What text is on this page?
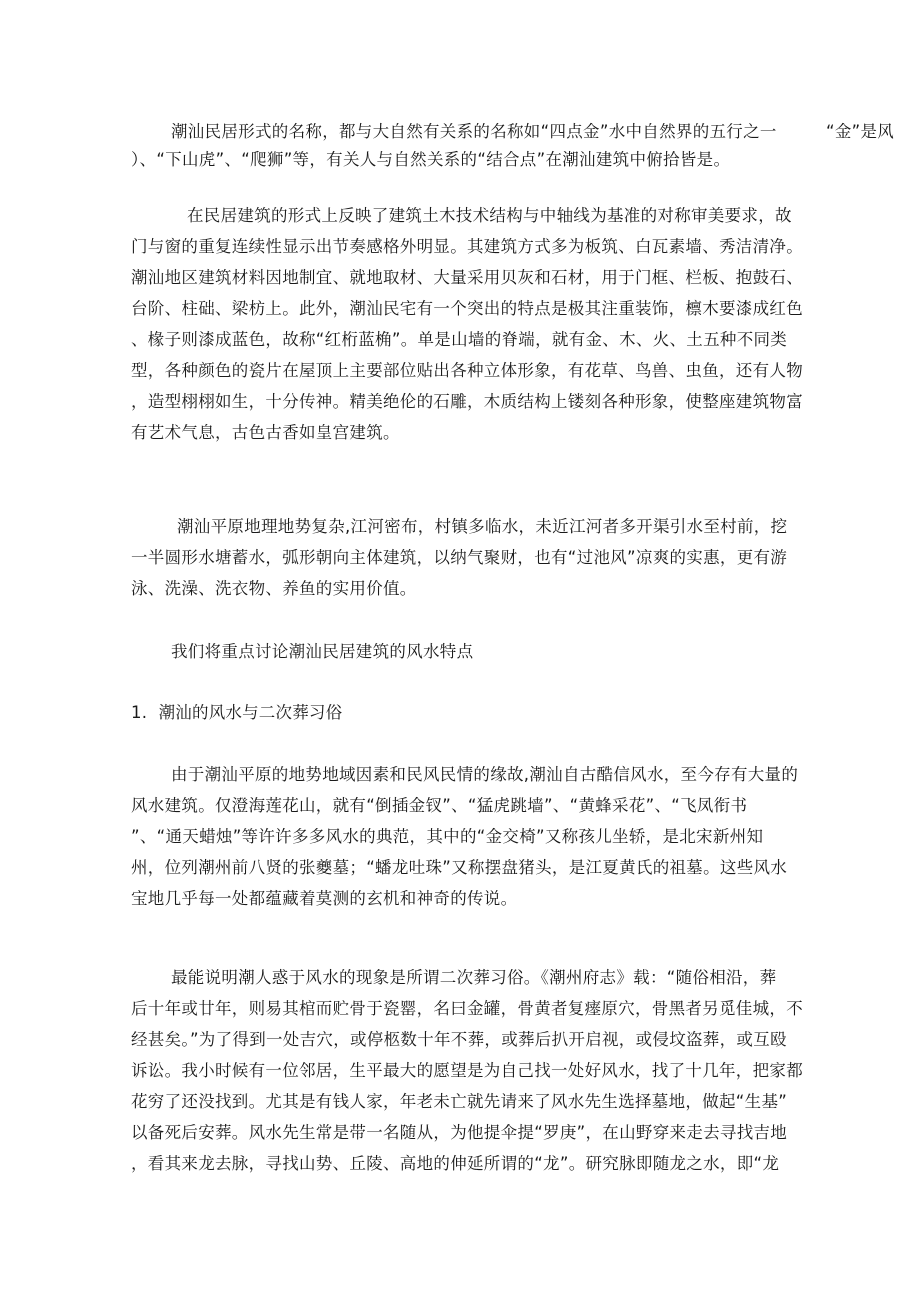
潮汕民居形式的名称，都与大自然有关系的名称如“四点金”水中自然界的五行之一	“金”是风
）、“下山虎”、“爬狮”等，有关人与自然关系的“结合点”在潮汕建筑中俯拾皆是。
在民居建筑的形式上反映了建筑土木技术结构与中轴线为基准的对称审美要求，故
门与窗的重复连续性显示出节奏感格外明显。其建筑方式多为板筑、白瓦素墙、秀洁清净。
潮汕地区建筑材料因地制宜、就地取材、大量采用贝灰和石材，用于门框、栏板、抱鼓石、
台阶、柱础、梁枋上。此外，潮汕民宅有一个突出的特点是极其注重装饰，檩木要漆成红色
、椽子则漆成蓝色，故称“红桁蓝桷”。单是山墙的脊端，就有金、木、火、土五种不同类
型，各种颜色的瓷片在屋顶上主要部位贴出各种立体形象，有花草、鸟兽、虫鱼，还有人物
，造型栩栩如生，十分传神。精美绝伦的石雕，木质结构上镂刻各种形象，使整座建筑物富
有艺术气息，古色古香如皇宫建筑。
潮汕平原地理地势复杂,江河密布，村镇多临水，未近江河者多开渠引水至村前，挖
一半圆形水塘蓄水，弧形朝向主体建筑，以纳气聚财，也有“过池风”凉爽的实惠，更有游
泳、洗澡、洗衣物、养鱼的实用价值。
我们将重点讨论潮汕民居建筑的风水特点
1. 潮汕的风水与二次葬习俗
由于潮汕平原的地势地域因素和民风民情的缘故,潮汕自古酷信风水，至今存有大量的
风水建筑。仅澄海莲花山，就有“倒插金钗”、“猛虎跳墙”、“黄蜂采花”、“飞凤衔书
”、“通天蜡烛”等许许多多风水的典范，其中的“金交椅”又称孩儿坐轿，是北宋新州知
州，位列潮州前八贤的张夔墓；“蟠龙吐珠”又称摆盘猪头，是江夏黄氏的祖墓。这些风水
宝地几乎每一处都蕴藏着莫测的玄机和神奇的传说。
最能说明潮人惑于风水的现象是所谓二次葬习俗。《潮州府志》载：“随俗相沿，葬
后十年或廿年，则易其棺而贮骨于瓷罂，名曰金罐，骨黄者复瘗原穴，骨黑者另觅佳城，不
经甚矣。”为了得到一处吉穴，或停柩数十年不葬，或葬后扒开启视，或侵坟盗葬，或互殴
诉讼。我小时候有一位邻居，生平最大的愿望是为自己找一处好风水，找了十几年，把家都
花穷了还没找到。尤其是有钱人家，年老未亡就先请来了风水先生选择墓地，做起“生基”
以备死后安葬。风水先生常是带一名随从，为他提伞提“罗庚”，在山野穿来走去寻找吉地
，看其来龙去脉，寻找山势、丘陵、高地的伸延所谓的“龙”。研究脉即随龙之水，即“龙
